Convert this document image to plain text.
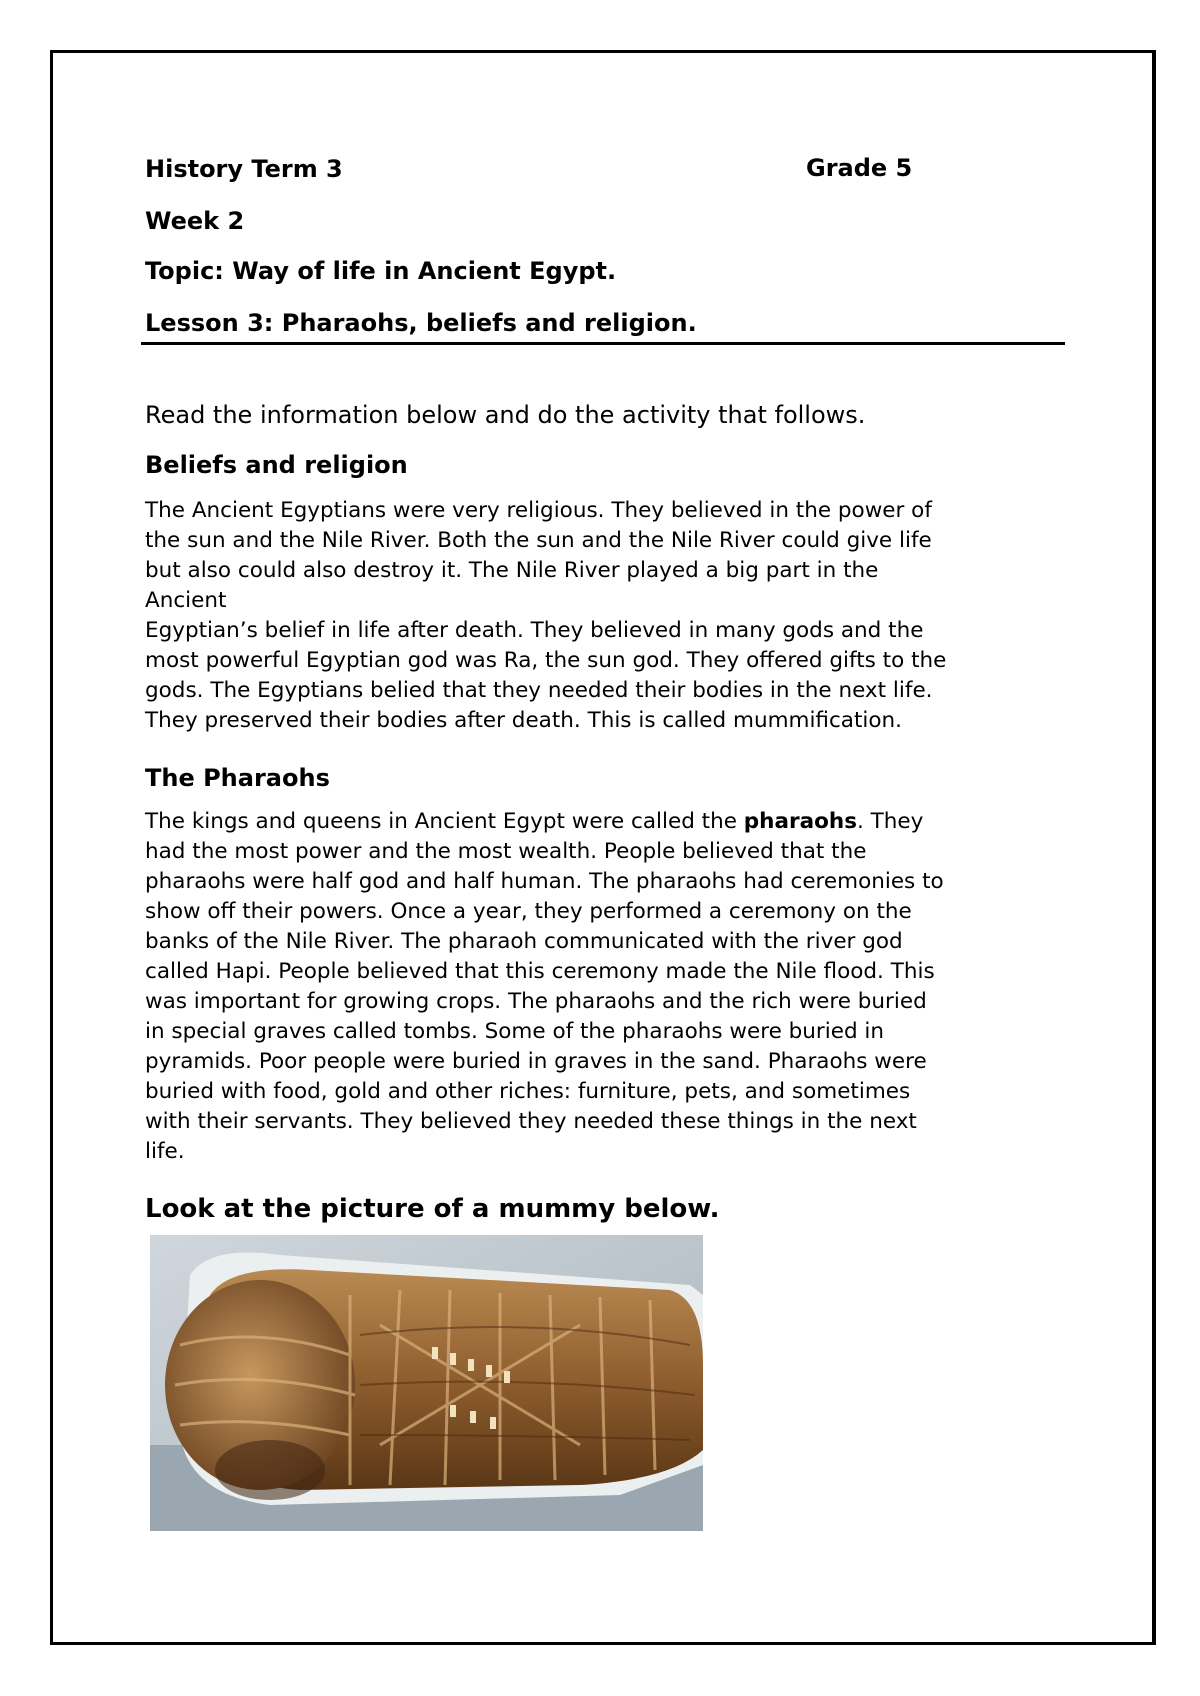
History Term 3	Grade 5
Week 2
Topic: Way of life in Ancient Egypt.
Lesson 3: Pharaohs, beliefs and religion.
Read the information below and do the activity that follows.
Beliefs and religion
The Ancient Egyptians were very religious. They believed in the power of
the sun and the Nile River. Both the sun and the Nile River could give life
but also could also destroy it. The Nile River played a big part in the
Ancient
Egyptian’s belief in life after death. They believed in many gods and the
most powerful Egyptian god was Ra, the sun god. They offered gifts to the
gods. The Egyptians belied that they needed their bodies in the next life.
They preserved their bodies after death. This is called mummification.
The Pharaohs
The kings and queens in Ancient Egypt were called the pharaohs. They
had the most power and the most wealth. People believed that the
pharaohs were half god and half human. The pharaohs had ceremonies to
show off their powers. Once a year, they performed a ceremony on the
banks of the Nile River. The pharaoh communicated with the river god
called Hapi. People believed that this ceremony made the Nile flood. This
was important for growing crops. The pharaohs and the rich were buried
in special graves called tombs. Some of the pharaohs were buried in
pyramids. Poor people were buried in graves in the sand. Pharaohs were
buried with food, gold and other riches: furniture, pets, and sometimes
with their servants. They believed they needed these things in the next
life.
Look at the picture of a mummy below.
